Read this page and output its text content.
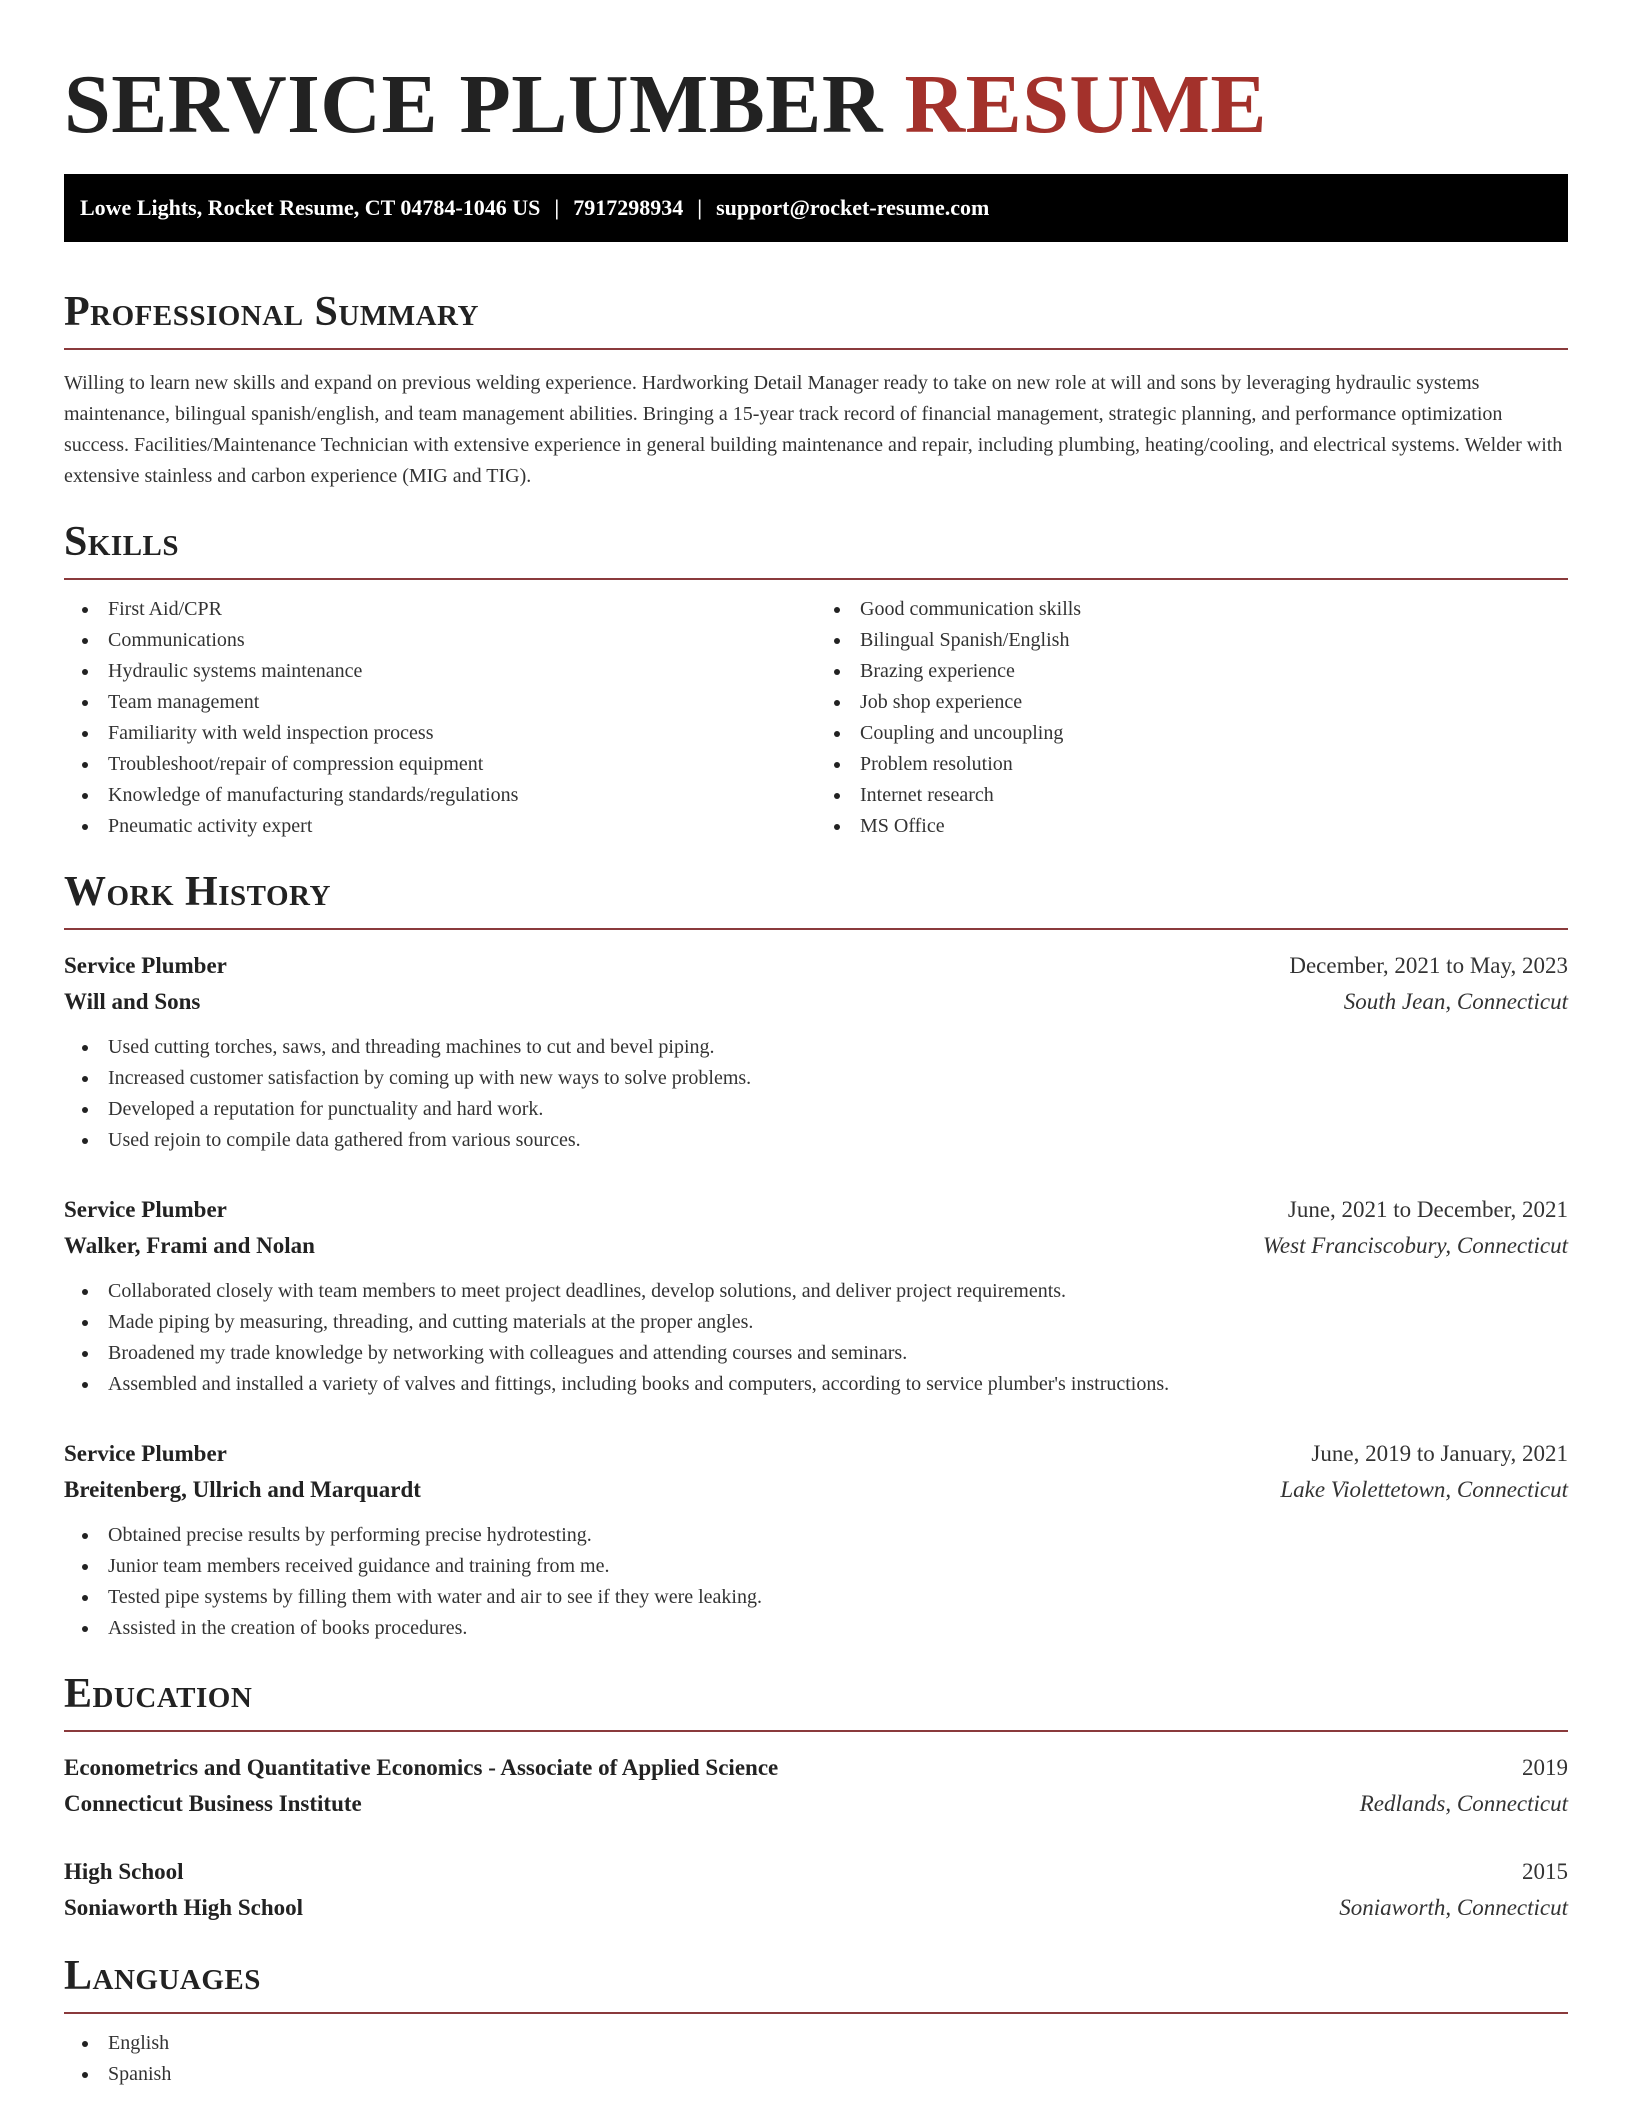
SERVICE PLUMBER RESUME
Lowe Lights, Rocket Resume, CT 04784-1046 US | 7917298934 | support@rocket-resume.com
Professional Summary

Willing to learn new skills and expand on previous welding experience. Hardworking Detail Manager ready to take on new role at will and sons by leveraging hydraulic systems maintenance, bilingual spanish/english, and team management abilities. Bringing a 15-year track record of financial management, strategic planning, and performance optimization success. Facilities/Maintenance Technician with extensive experience in general building maintenance and repair, including plumbing, heating/cooling, and electrical systems. Welder with extensive stainless and carbon experience (MIG and TIG).

Skills
First Aid/CPR
Communications
Hydraulic systems maintenance
Team management
Familiarity with weld inspection process
Troubleshoot/repair of compression equipment
Knowledge of manufacturing standards/regulations
Pneumatic activity expert
Good communication skills
Bilingual Spanish/English
Brazing experience
Job shop experience
Coupling and uncoupling
Problem resolution
Internet research
MS Office
Work History
Service Plumber	December, 2021 to May, 2023
Will and Sons	South Jean, Connecticut
Used cutting torches, saws, and threading machines to cut and bevel piping.
Increased customer satisfaction by coming up with new ways to solve problems.
Developed a reputation for punctuality and hard work.
Used rejoin to compile data gathered from various sources.
Service Plumber	June, 2021 to December, 2021
Walker, Frami and Nolan	West Franciscobury, Connecticut
Collaborated closely with team members to meet project deadlines, develop solutions, and deliver project requirements.
Made piping by measuring, threading, and cutting materials at the proper angles.
Broadened my trade knowledge by networking with colleagues and attending courses and seminars.
Assembled and installed a variety of valves and fittings, including books and computers, according to service plumber's instructions.
Service Plumber	June, 2019 to January, 2021
Breitenberg, Ullrich and Marquardt	Lake Violettetown, Connecticut
Obtained precise results by performing precise hydrotesting.
Junior team members received guidance and training from me.
Tested pipe systems by filling them with water and air to see if they were leaking.
Assisted in the creation of books procedures.
Education
Econometrics and Quantitative Economics - Associate of Applied Science	2019
Connecticut Business Institute	Redlands, Connecticut
High School	2015
Soniaworth High School	Soniaworth, Connecticut
Languages
English
Spanish
